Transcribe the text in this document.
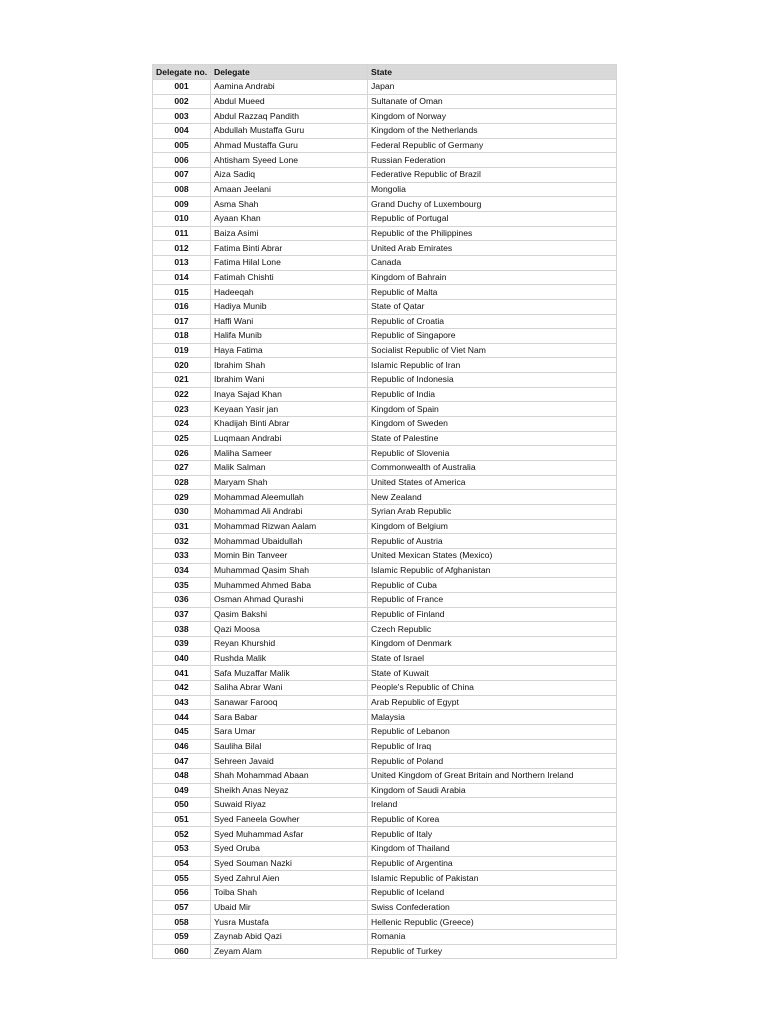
Delegate no.	Delegate	State
001	Aamina Andrabi	Japan
002	Abdul Mueed	Sultanate of Oman
003	Abdul Razzaq Pandith	Kingdom of Norway
004	Abdullah Mustaffa Guru	Kingdom of the Netherlands
005	Ahmad Mustaffa Guru	Federal Republic of Germany
006	Ahtisham Syeed Lone	Russian Federation
007	Aiza Sadiq	Federative Republic of Brazil
008	Amaan Jeelani	Mongolia
009	Asma Shah	Grand Duchy of Luxembourg
010	Ayaan Khan	Republic of Portugal
011	Baiza Asimi	Republic of the Philippines
012	Fatima Binti Abrar	United Arab Emirates
013	Fatima Hilal Lone	Canada
014	Fatimah Chishti	Kingdom of Bahrain
015	Hadeeqah	Republic of Malta
016	Hadiya Munib	State of Qatar
017	Haffi Wani	Republic of Croatia
018	Halifa Munib	Republic of Singapore
019	Haya Fatima	Socialist Republic of Viet Nam
020	Ibrahim Shah	Islamic Republic of Iran
021	Ibrahim Wani	Republic of Indonesia
022	Inaya Sajad Khan	Republic of India
023	Keyaan Yasir jan	Kingdom of Spain
024	Khadijah Binti Abrar	Kingdom of Sweden
025	Luqmaan Andrabi	State of Palestine
026	Maliha Sameer	Republic of Slovenia
027	Malik Salman	Commonwealth of Australia
028	Maryam Shah	United States of America
029	Mohammad Aleemullah	New Zealand
030	Mohammad Ali Andrabi	Syrian Arab Republic
031	Mohammad Rizwan Aalam	Kingdom of Belgium
032	Mohammad Ubaidullah	Republic of Austria
033	Momin Bin Tanveer	United Mexican States (Mexico)
034	Muhammad Qasim Shah	Islamic Republic of Afghanistan
035	Muhammed Ahmed Baba	Republic of Cuba
036	Osman Ahmad Qurashi	Republic of France
037	Qasim Bakshi	Republic of Finland
038	Qazi Moosa	Czech Republic
039	Reyan Khurshid	Kingdom of Denmark
040	Rushda Malik	State of Israel
041	Safa Muzaffar Malik	State of Kuwait
042	Saliha Abrar Wani	People's Republic of China
043	Sanawar Farooq	Arab Republic of Egypt
044	Sara Babar	Malaysia
045	Sara Umar	Republic of Lebanon
046	Sauliha Bilal	Republic of Iraq
047	Sehreen Javaid	Republic of Poland
048	Shah Mohammad Abaan	United Kingdom of Great Britain and Northern Ireland
049	Sheikh Anas Neyaz	Kingdom of Saudi Arabia
050	Suwaid Riyaz	Ireland
051	Syed Faneela Gowher	Republic of Korea
052	Syed Muhammad Asfar	Republic of Italy
053	Syed Oruba	Kingdom of Thailand
054	Syed Souman Nazki	Republic of Argentina
055	Syed Zahrul Aien	Islamic Republic of Pakistan
056	Toiba Shah	Republic of Iceland
057	Ubaid Mir	Swiss Confederation
058	Yusra Mustafa	Hellenic Republic (Greece)
059	Zaynab Abid Qazi	Romania
060	Zeyam Alam	Republic of Turkey
